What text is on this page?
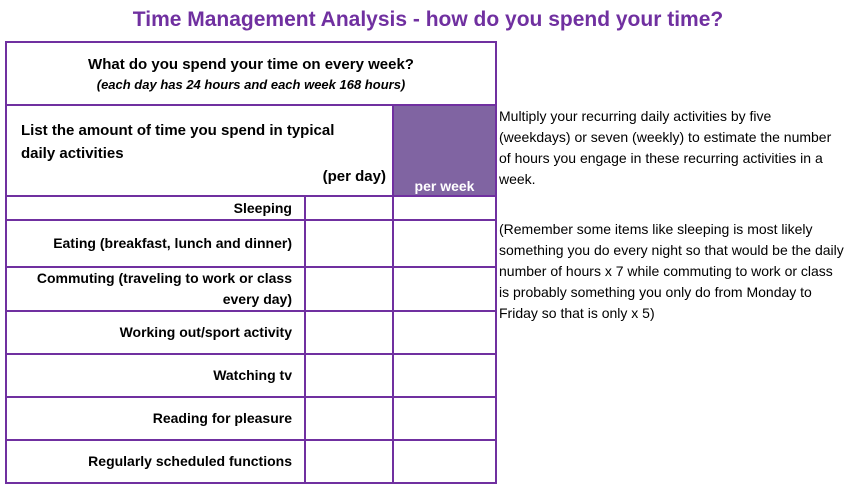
Time Management Analysis - how do you spend your time?
What do you spend your time on every week?
(each day has 24 hours and each week 168 hours)		

List the amount of time you spend in typical daily activities
(per day)		per week

Sleeping		
Eating (breakfast, lunch and dinner)		
Commuting (traveling to work or class every day)		
Working out/sport activity		
Watching tv		
Reading for pleasure		
Regularly scheduled functions		
Multiply your recurring daily activities by five (weekdays) or seven (weekly) to estimate the number of hours you engage in these recurring activities in a week.
(Remember some items like sleeping is most likely something you do every night so that would be the daily number of hours x 7 while commuting to work or class is probably something you only do from Monday to Friday so that is only x 5)
